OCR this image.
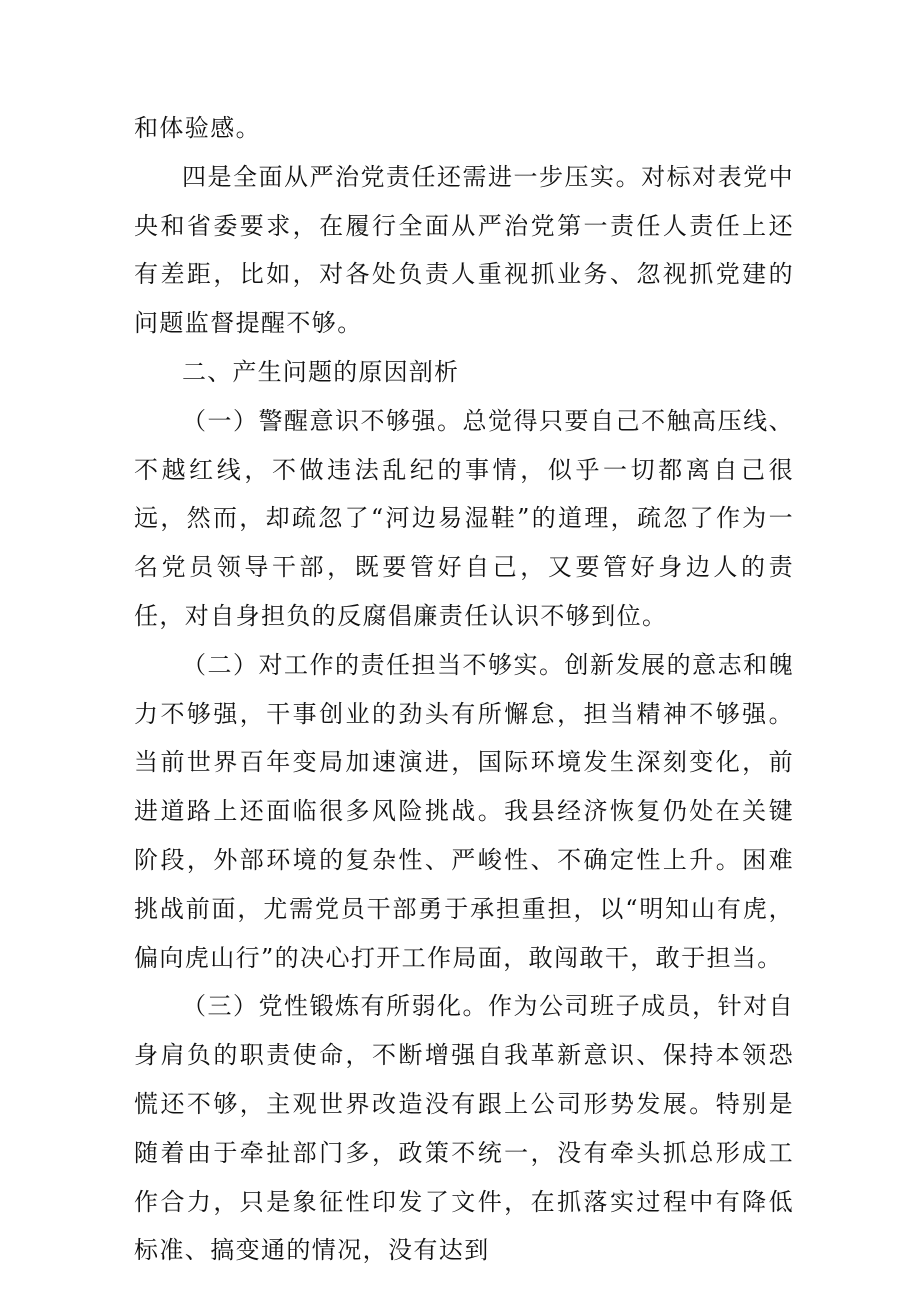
和体验感。

四是全面从严治党责任还需进一步压实。对标对表党中央和省委要求，在履行全面从严治党第一责任人责任上还有差距，比如，对各处负责人重视抓业务、忽视抓党建的问题监督提醒不够。

二、产生问题的原因剖析

（一）警醒意识不够强。总觉得只要自己不触高压线、不越红线，不做违法乱纪的事情，似乎一切都离自己很远，然而，却疏忽了“河边易湿鞋”的道理，疏忽了作为一名党员领导干部，既要管好自己，又要管好身边人的责任，对自身担负的反腐倡廉责任认识不够到位。

（二）对工作的责任担当不够实。创新发展的意志和魄力不够强，干事创业的劲头有所懈怠，担当精神不够强。当前世界百年变局加速演进，国际环境发生深刻变化，前进道路上还面临很多风险挑战。我县经济恢复仍处在关键阶段，外部环境的复杂性、严峻性、不确定性上升。困难挑战前面，尤需党员干部勇于承担重担，以“明知山有虎，偏向虎山行”的决心打开工作局面，敢闯敢干，敢于担当。

（三）党性锻炼有所弱化。作为公司班子成员，针对自身肩负的职责使命，不断增强自我革新意识、保持本领恐慌还不够，主观世界改造没有跟上公司形势发展。特别是随着由于牵扯部门多，政策不统一，没有牵头抓总形成工作合力，只是象征性印发了文件，在抓落实过程中有降低标准、搞变通的情况，没有达到
